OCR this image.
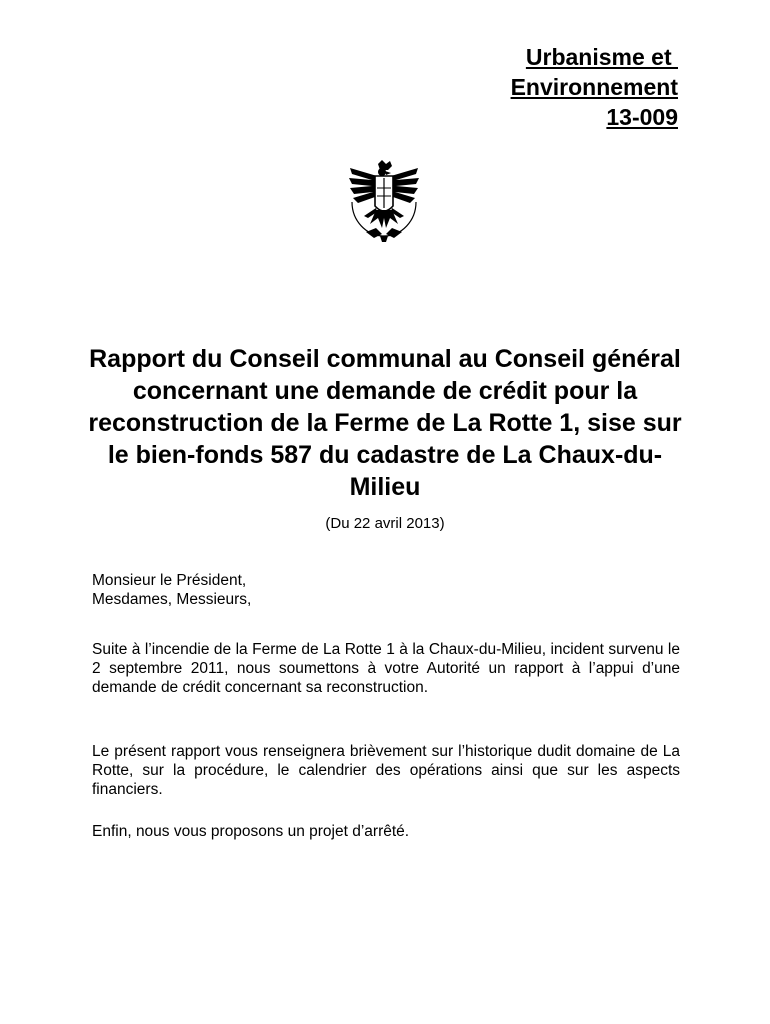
Urbanisme et
Environnement
13-009
Rapport du Conseil communal au Conseil général concernant une demande de crédit pour la reconstruction de la Ferme de La Rotte 1, sise sur le bien-fonds 587 du cadastre de La Chaux-du-Milieu
(Du 22 avril 2013)
Monsieur le Président,
Mesdames, Messieurs,
Suite à l’incendie de la Ferme de La Rotte 1 à la Chaux-du-Milieu, incident survenu le 2 septembre 2011, nous soumettons à votre Autorité un rapport à l’appui d’une demande de crédit concernant sa reconstruction.
Le présent rapport vous renseignera brièvement sur l’historique dudit domaine de La Rotte, sur la procédure, le calendrier des opérations ainsi que sur les aspects financiers.
Enfin, nous vous proposons un projet d’arrêté.
